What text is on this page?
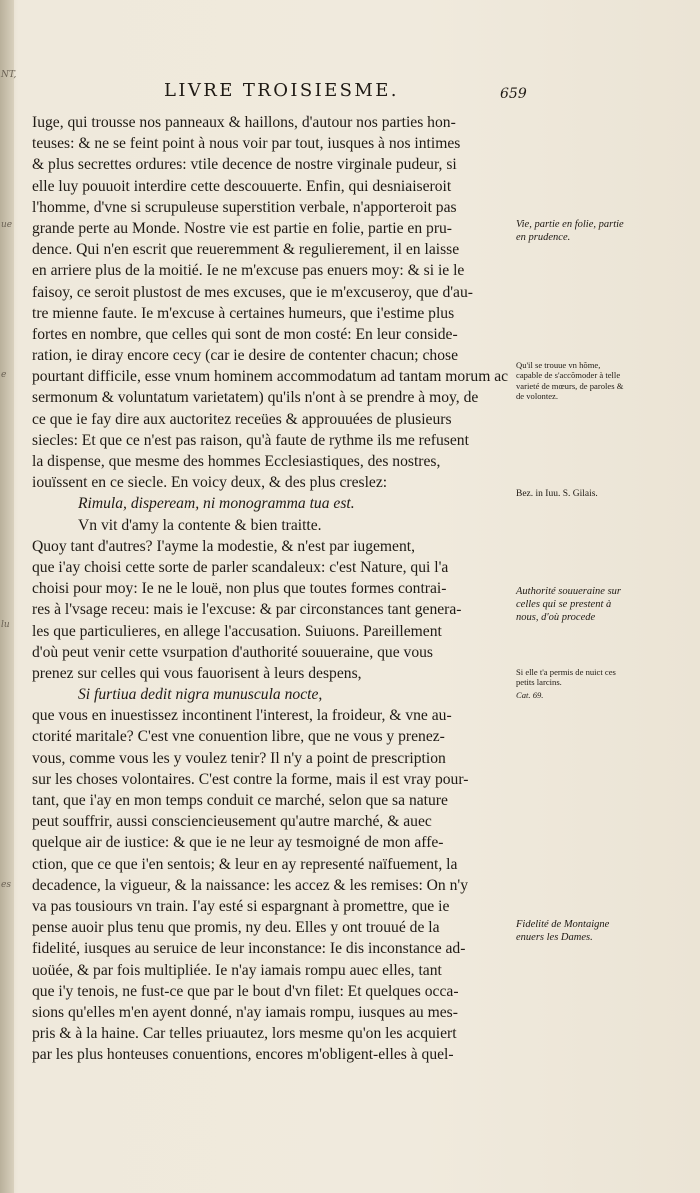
NT,
ue
e
lu
es
LIVRE TROISIESME.	659
Iuge, qui trousse nos panneaux & haillons, d'autour nos parties hon-
teuses: & ne se feint point à nous voir par tout, iusques à nos intimes
& plus secrettes ordures: vtile decence de nostre virginale pudeur, si
elle luy pouuoit interdire cette descouuerte. Enfin, qui desniaiseroit
l'homme, d'vne si scrupuleuse superstition verbale, n'apporteroit pas
grande perte au Monde. Nostre vie est partie en folie, partie en pru-
dence. Qui n'en escrit que reueremment & regulierement, il en laisse
en arriere plus de la moitié. Ie ne m'excuse pas enuers moy: & si ie le
faisoy, ce seroit plustost de mes excuses, que ie m'excuseroy, que d'au-
tre mienne faute. Ie m'excuse à certaines humeurs, que i'estime plus
fortes en nombre, que celles qui sont de mon costé: En leur conside-
ration, ie diray encore cecy (car ie desire de contenter chacun; chose
pourtant difficile, esse vnum hominem accommodatum ad tantam morum ac
sermonum & voluntatum varietatem) qu'ils n'ont à se prendre à moy, de
ce que ie fay dire aux auctoritez receües & approuuées de plusieurs
siecles: Et que ce n'est pas raison, qu'à faute de rythme ils me refusent
la dispense, que mesme des hommes Ecclesiastiques, des nostres,
iouïssent en ce siecle. En voicy deux, & des plus creslez:
Rimula, dispeream, ni monogramma tua est.
Vn vit d'amy la contente & bien traitte.
Quoy tant d'autres? I'ayme la modestie, & n'est par iugement,
que i'ay choisi cette sorte de parler scandaleux: c'est Nature, qui l'a
choisi pour moy: Ie ne le louë, non plus que toutes formes contrai-
res à l'vsage receu: mais ie l'excuse: & par circonstances tant genera-
les que particulieres, en allege l'accusation. Suiuons. Pareillement
d'où peut venir cette vsurpation d'authorité souueraine, que vous
prenez sur celles qui vous fauorisent à leurs despens,
Si furtiua dedit nigra munuscula nocte,
que vous en inuestissez incontinent l'interest, la froideur, & vne au-
ctorité maritale? C'est vne conuention libre, que ne vous y prenez-
vous, comme vous les y voulez tenir? Il n'y a point de prescription
sur les choses volontaires. C'est contre la forme, mais il est vray pour-
tant, que i'ay en mon temps conduit ce marché, selon que sa nature
peut souffrir, aussi consciencieusement qu'autre marché, & auec
quelque air de iustice: & que ie ne leur ay tesmoigné de mon affe-
ction, que ce que i'en sentois; & leur en ay representé naïfuement, la
decadence, la vigueur, & la naissance: les accez & les remises: On n'y
va pas tousiours vn train. I'ay esté si espargnant à promettre, que ie
pense auoir plus tenu que promis, ny deu. Elles y ont trouué de la
fidelité, iusques au seruice de leur inconstance: Ie dis inconstance ad-
uoüée, & par fois multipliée. Ie n'ay iamais rompu auec elles, tant
que i'y tenois, ne fust-ce que par le bout d'vn filet: Et quelques occa-
sions qu'elles m'en ayent donné, n'ay iamais rompu, iusques au mes-
pris & à la haine. Car telles priuautez, lors mesme qu'on les acquiert
par les plus honteuses conuentions, encores m'obligent-elles à quel-
Vie, partie en folie, partie en prudence.
Qu'il se trouue vn hõme, capable de s'accõmoder à telle varieté de mœurs, de paroles & de volontez.
Bez. in Iuu. S. Gilais.
Authorité souueraine sur celles qui se prestent à nous, d'où procede
Si elle t'a permis de nuict ces petits larcins.
Cat. 69.
Fidelité de Montaigne enuers les Dames.
